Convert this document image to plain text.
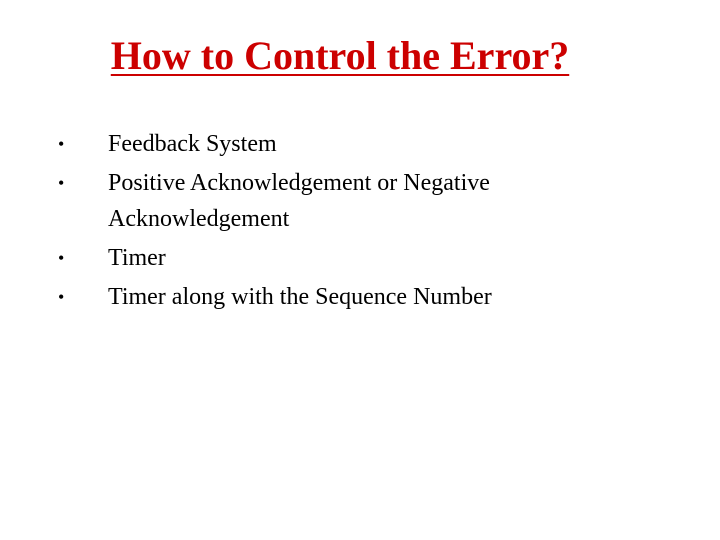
How to Control the Error?
• Feedback System
• Positive Acknowledgement or Negative Acknowledgement
• Timer
• Timer along with the Sequence Number
